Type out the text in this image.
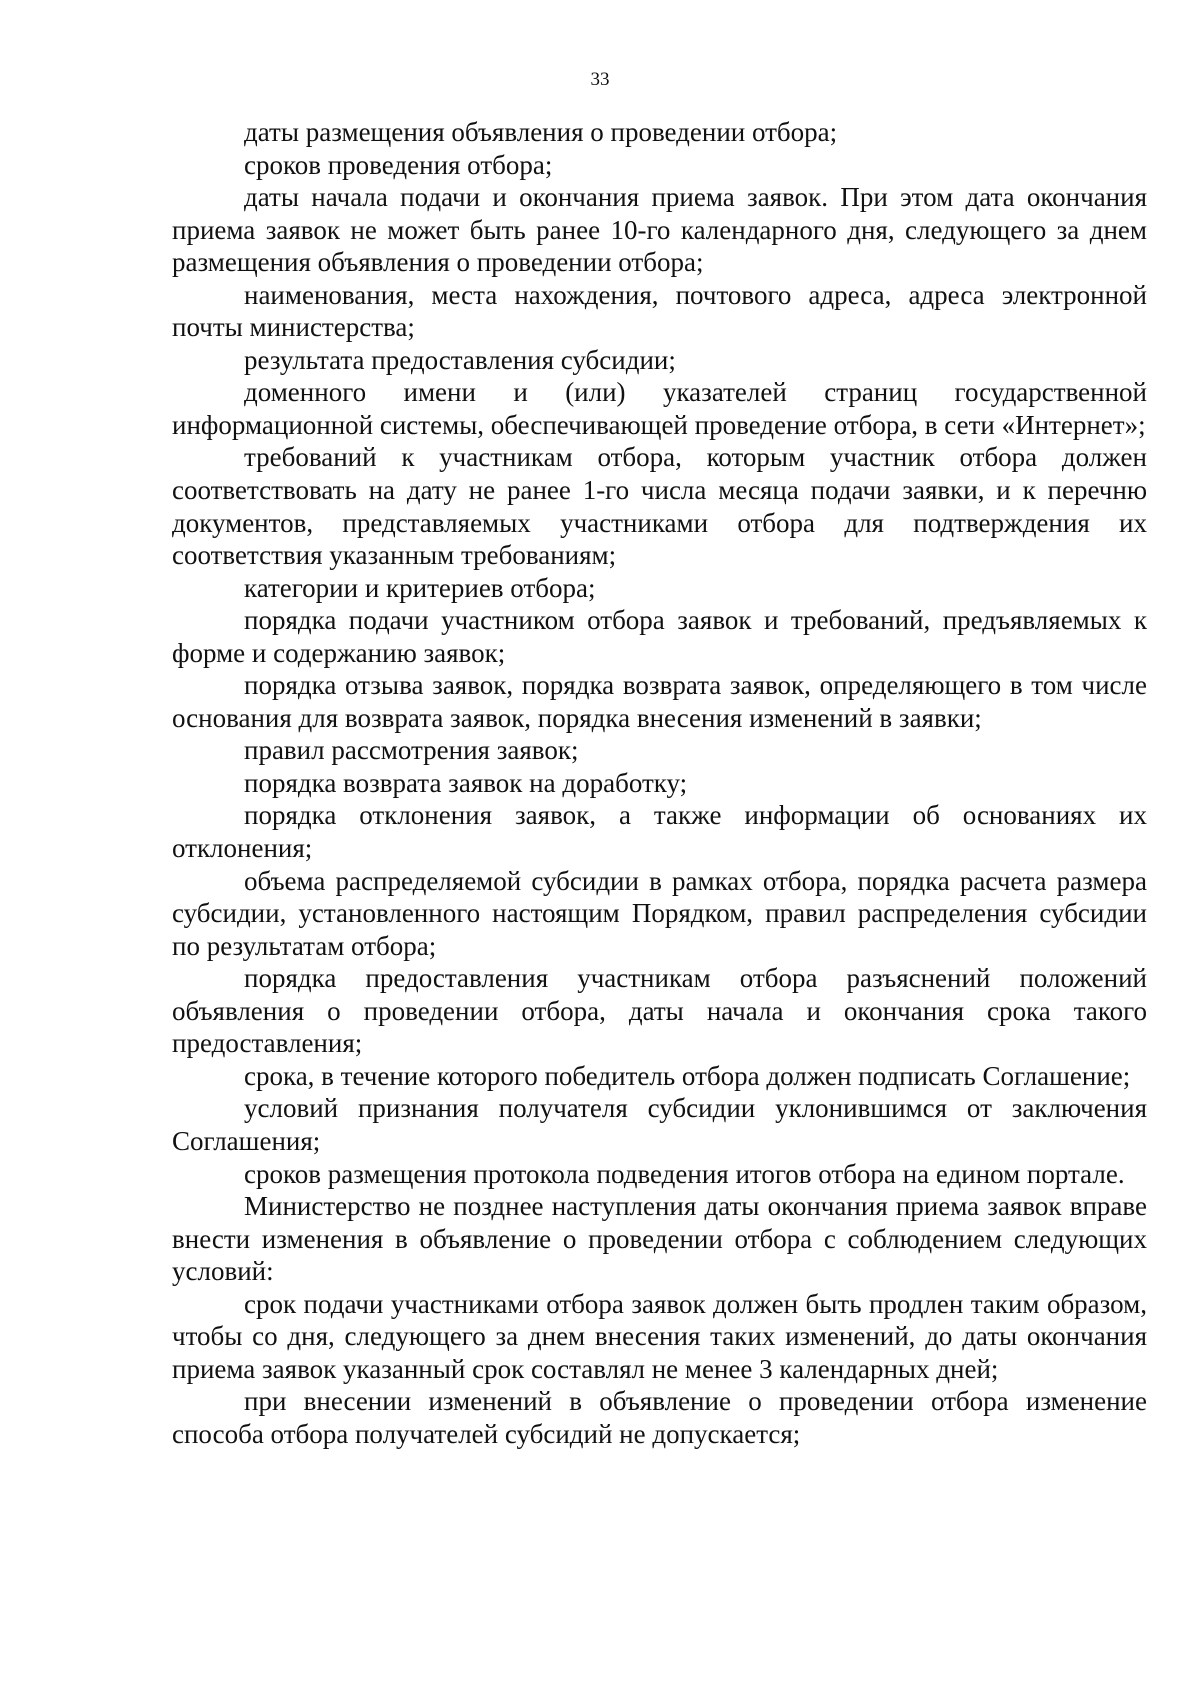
33

даты размещения объявления о проведении отбора;

сроков проведения отбора;

даты начала подачи и окончания приема заявок. При этом дата окончания приема заявок не может быть ранее 10-го календарного дня, следующего за днем размещения объявления о проведении отбора;

наименования, места нахождения, почтового адреса, адреса электронной почты министерства;

результата предоставления субсидии;

доменного имени и (или) указателей страниц государственной информационной системы, обеспечивающей проведение отбора, в сети «Интернет»;

требований к участникам отбора, которым участник отбора должен соответствовать на дату не ранее 1-го числа месяца подачи заявки, и к перечню документов, представляемых участниками отбора для подтверждения их соответствия указанным требованиям;

категории и критериев отбора;

порядка подачи участником отбора заявок и требований, предъявляемых к форме и содержанию заявок;

порядка отзыва заявок, порядка возврата заявок, определяющего в том числе основания для возврата заявок, порядка внесения изменений в заявки;

правил рассмотрения заявок;

порядка возврата заявок на доработку;

порядка отклонения заявок, а также информации об основаниях их отклонения;

объема распределяемой субсидии в рамках отбора, порядка расчета размера субсидии, установленного настоящим Порядком, правил распределения субсидии по результатам отбора;

порядка предоставления участникам отбора разъяснений положений объявления о проведении отбора, даты начала и окончания срока такого предоставления;

срока, в течение которого победитель отбора должен подписать Соглашение;

условий признания получателя субсидии уклонившимся от заключения Соглашения;

сроков размещения протокола подведения итогов отбора на едином портале.

Министерство не позднее наступления даты окончания приема заявок вправе внести изменения в объявление о проведении отбора с соблюдением следующих условий:

срок подачи участниками отбора заявок должен быть продлен таким образом, чтобы со дня, следующего за днем внесения таких изменений, до даты окончания приема заявок указанный срок составлял не менее 3 календарных дней;

при внесении изменений в объявление о проведении отбора изменение способа отбора получателей субсидий не допускается;
